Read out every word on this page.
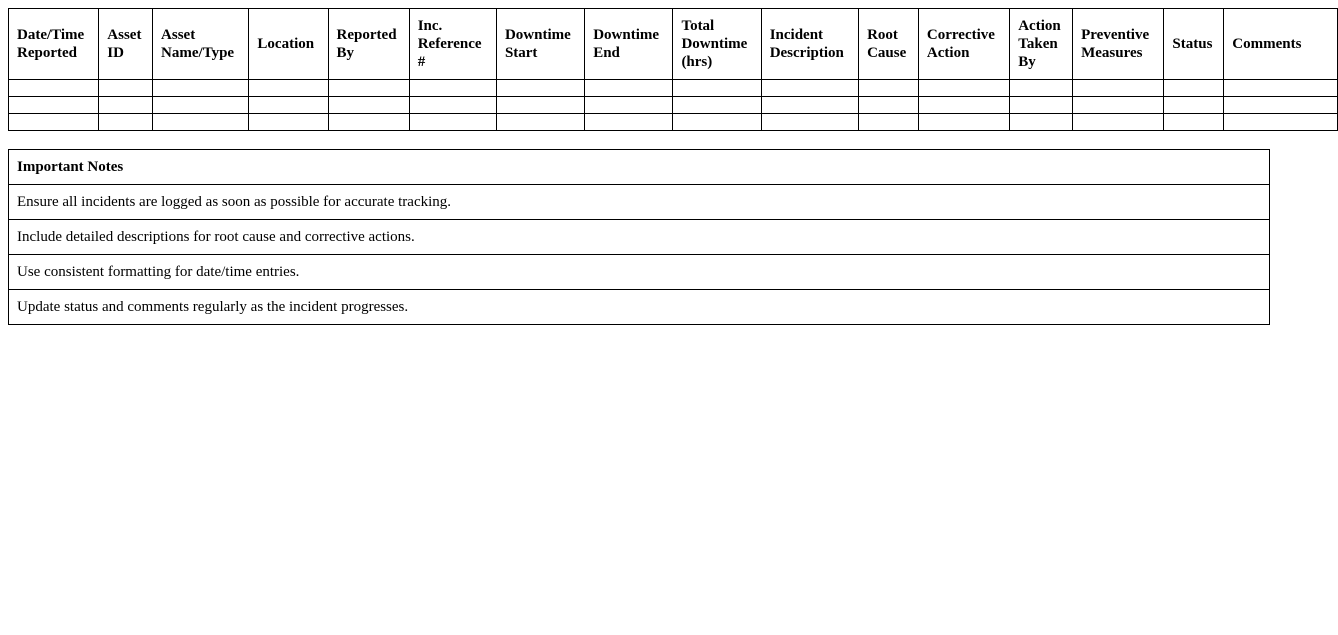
Date/Time Reported	Asset ID	Asset Name/Type	Location	Reported By	Inc. Reference #	Downtime Start	Downtime End	Total Downtime (hrs)	Incident Description	Root Cause	Corrective Action	Action Taken By	Preventive Measures	Status	Comments

Important Notes
Ensure all incidents are logged as soon as possible for accurate tracking.
Include detailed descriptions for root cause and corrective actions.
Use consistent formatting for date/time entries.
Update status and comments regularly as the incident progresses.
